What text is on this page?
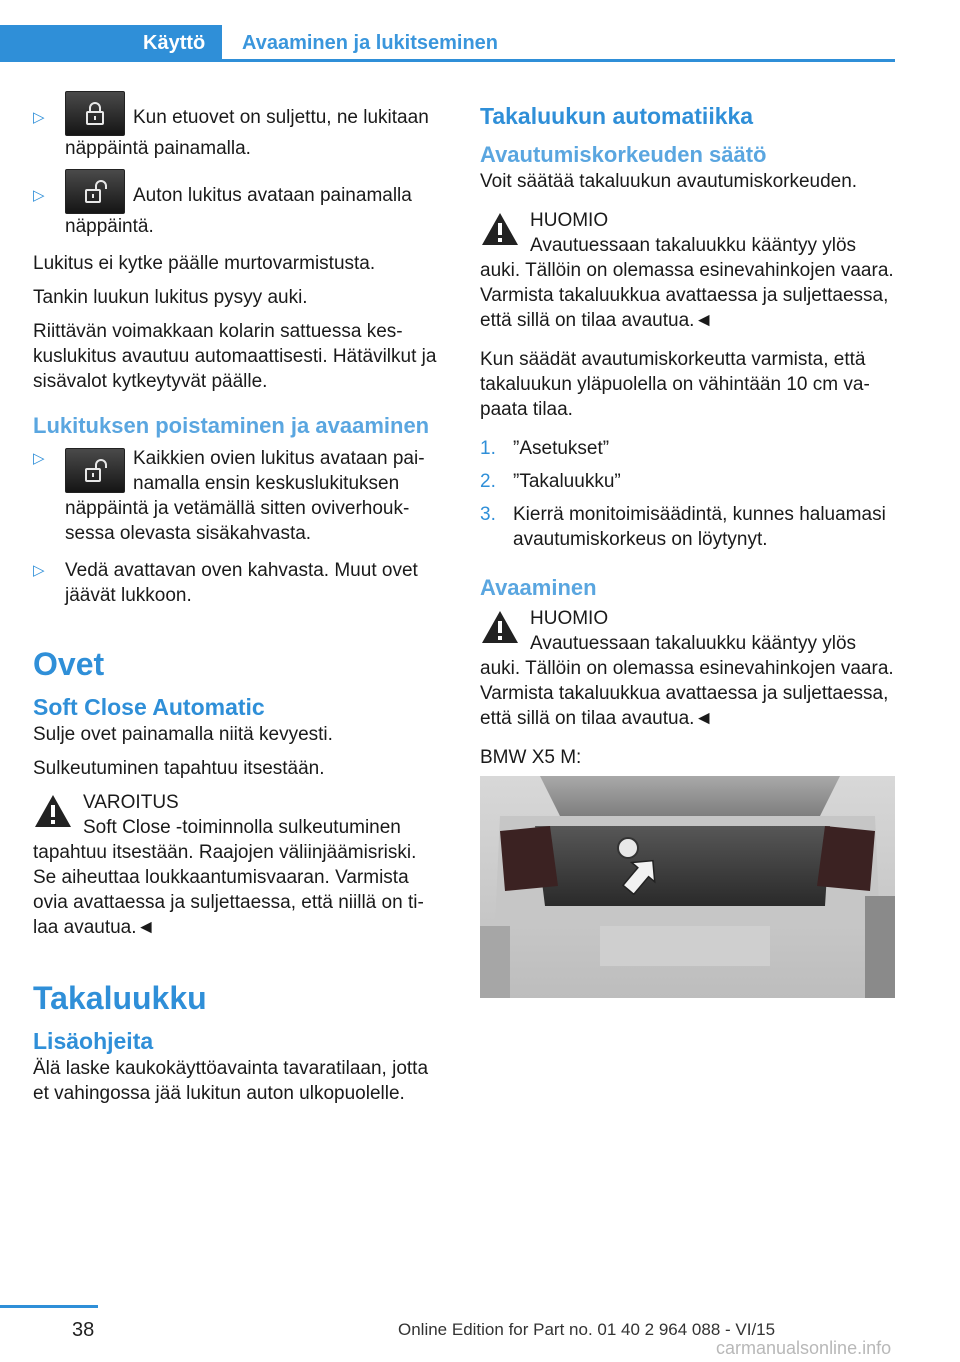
Käyttö	Avaaminen ja lukitseminen
▷	Kun etuovet on suljettu, ne lukitaan näppäintä painamalla.
▷	Auton lukitus avataan painamalla näppäintä.

Lukitus ei kytke päälle murtovarmistusta.

Tankin luukun lukitus pysyy auki.

Riittävän voimakkaan kolarin sattuessa keskuslukitus avautuu automaattisesti. Hätävilkut ja sisävalot kytkeytyvät päälle.

Lukituksen poistaminen ja avaaminen
▷	Kaikkien ovien lukitus avataan painamalla ensin keskuslukituksen näppäintä ja vetämällä sitten oviverhouksessa olevasta sisäkahvasta.
▷ Vedä avattavan oven kahvasta. Muut ovet jäävät lukkoon.
Ovet
Soft Close Automatic

Sulje ovet painamalla niitä kevyesti.

Sulkeutuminen tapahtuu itsestään.

VAROITUS

Soft Close -toiminnolla sulkeutuminen tapahtuu itsestään. Raajojen väliinjäämisriski. Se aiheuttaa loukkaantumisvaaran. Varmista ovia avattaessa ja suljettaessa, että niillä on tilaa avautua.◄

Takaluukku
Lisäohjeita

Älä laske kaukokäyttöavainta tavaratilaan, jotta et vahingossa jää lukitun auton ulkopuolelle.

Takaluukun automatiikka
Avautumiskorkeuden säätö

Voit säätää takaluukun avautumiskorkeuden.

HUOMIO

Avautuessaan takaluukku kääntyy ylös auki. Tällöin on olemassa esinevahinkojen vaara. Varmista takaluukkua avattaessa ja suljettaessa, että sillä on tilaa avautua.◄

Kun säädät avautumiskorkeutta varmista, että takaluukun yläpuolella on vähintään 10 cm vapaata tilaa.

1. ”Asetukset”
2. ”Takaluukku”
3. Kierrä monitoimisäädintä, kunnes haluamasi avautumiskorkeus on löytynyt.
Avaaminen

HUOMIO

Avautuessaan takaluukku kääntyy ylös auki. Tällöin on olemassa esinevahinkojen vaara. Varmista takaluukkua avattaessa ja suljettaessa, että sillä on tilaa avautua.◄

BMW X5 M:

38	Online Edition for Part no. 01 40 2 964 088 - VI/15
carmanualsonline.info
